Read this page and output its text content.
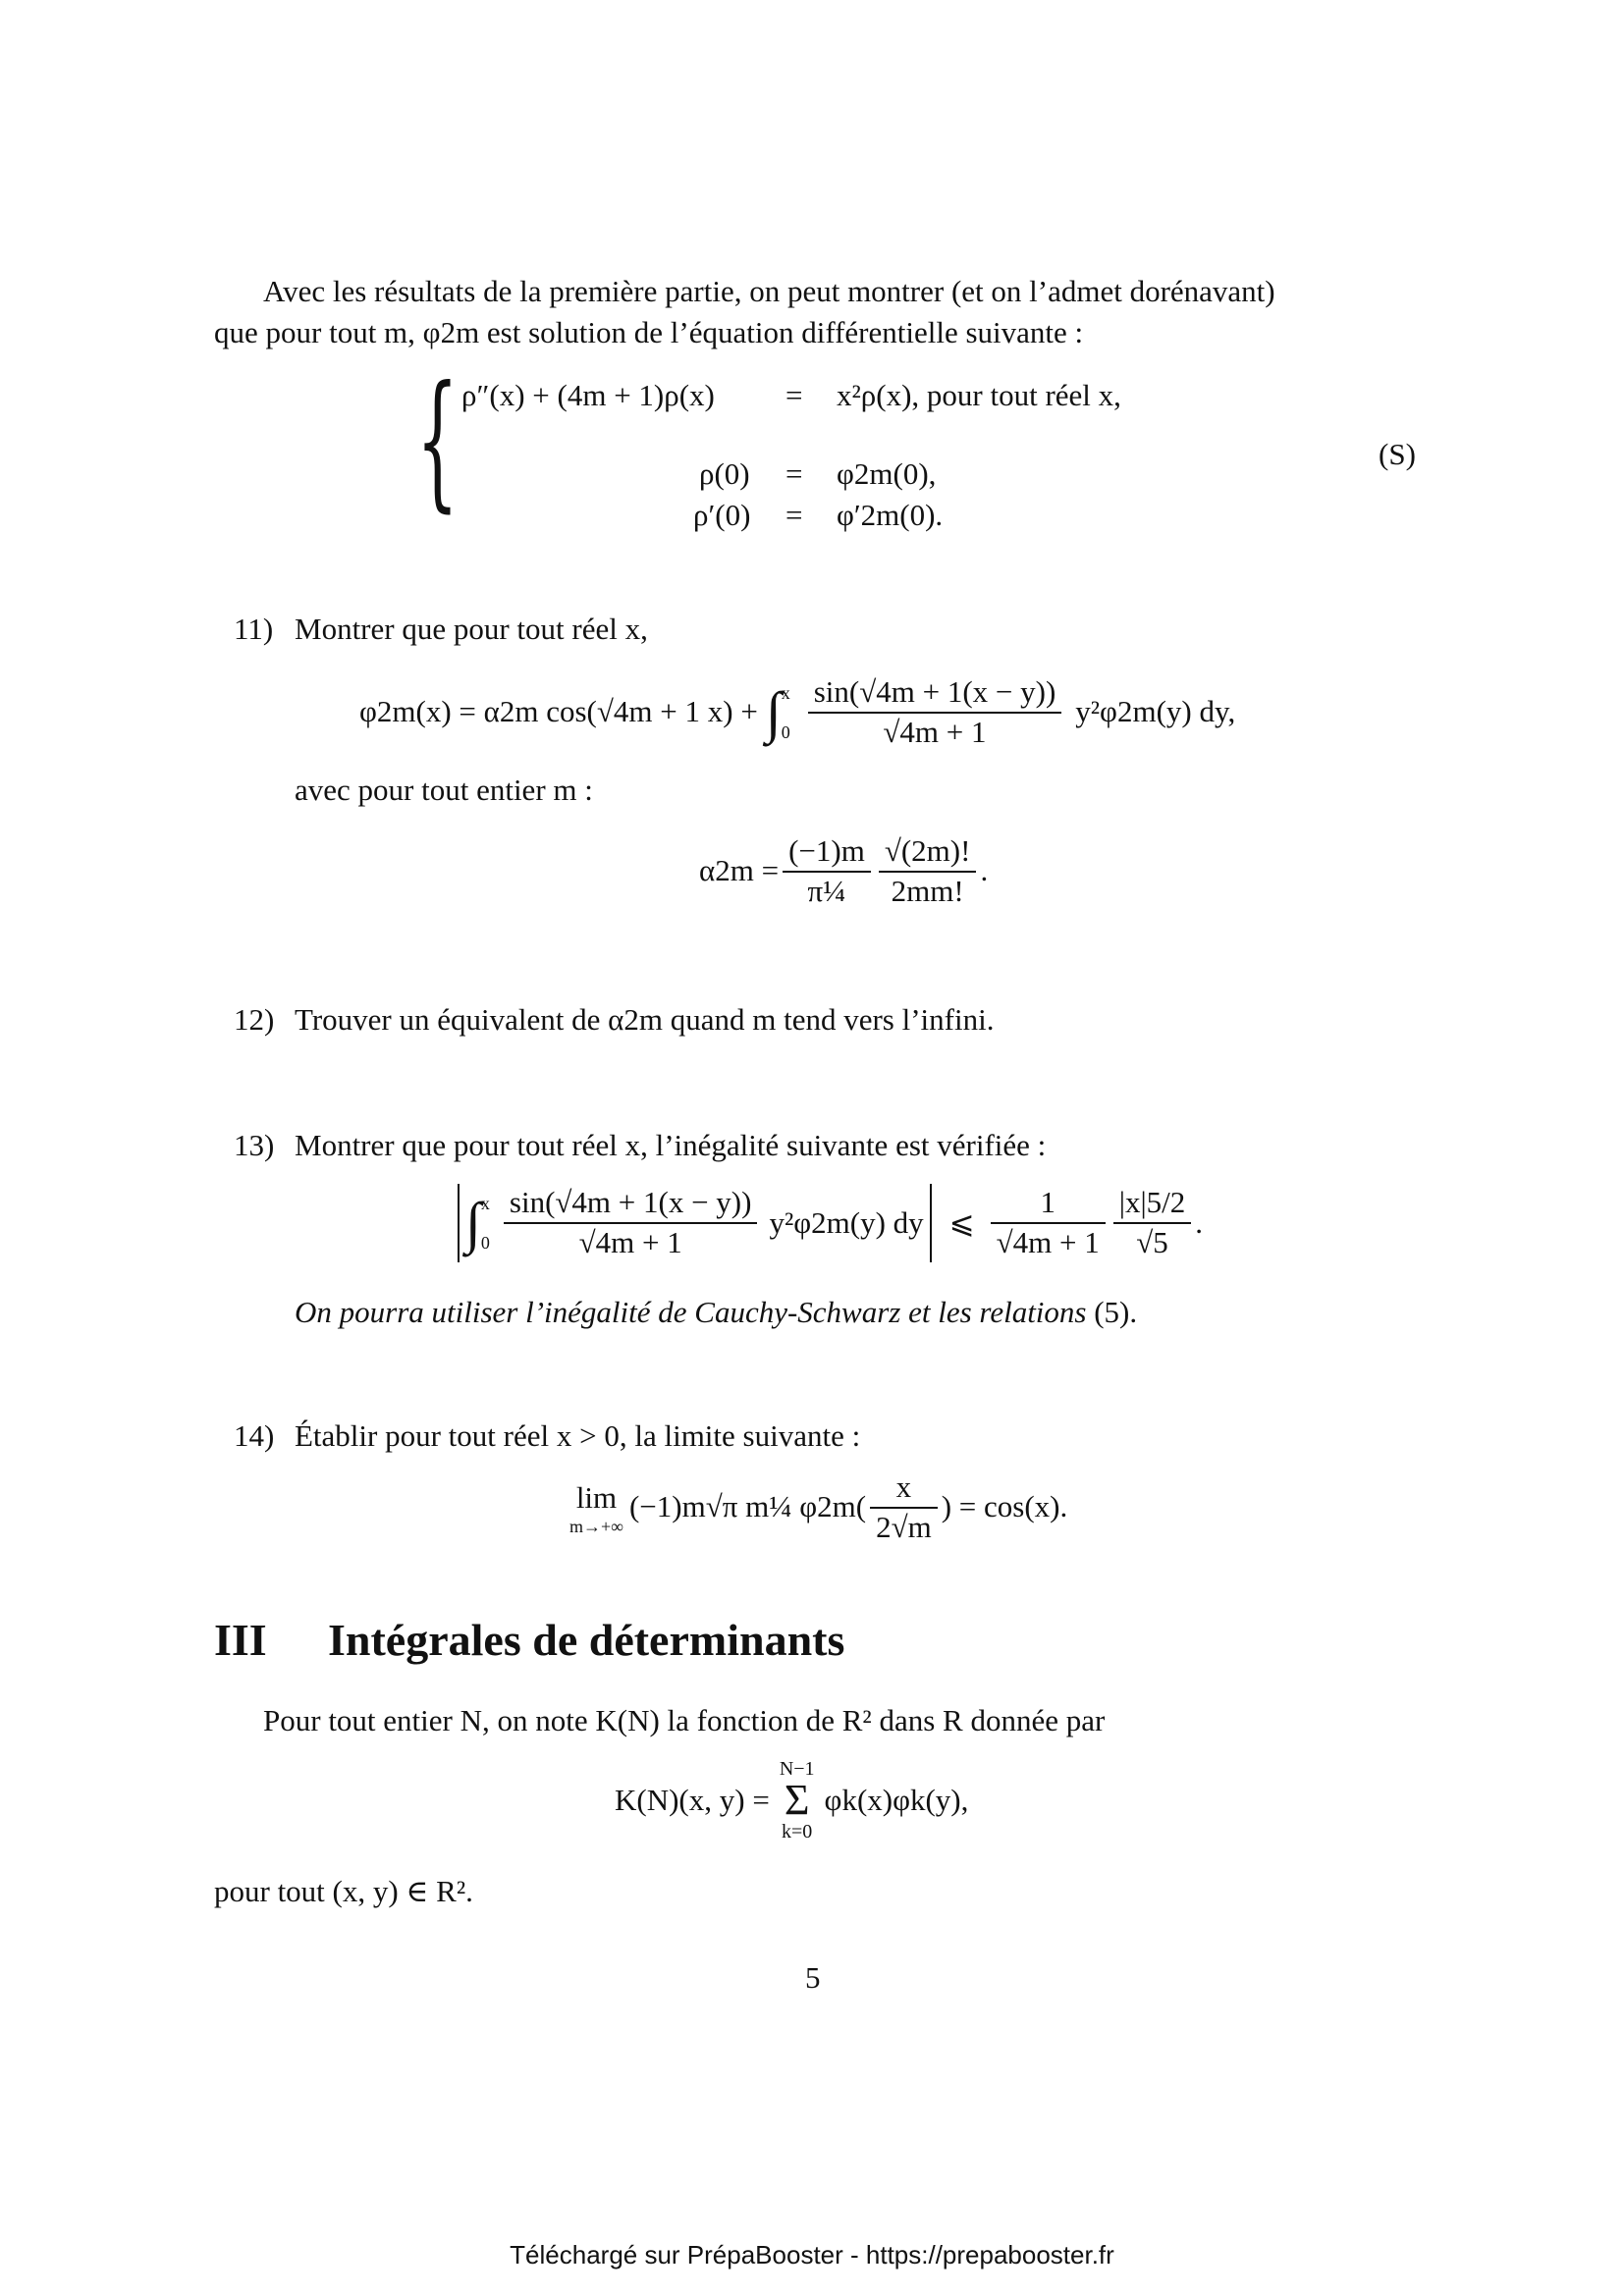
Avec les résultats de la première partie, on peut montrer (et on l’admet dorénavant)
que pour tout m, φ2m est solution de l’équation différentielle suivante :
{ ρ″(x) + (4m + 1)ρ(x) = x²ρ(x), pour tout réel x,
ρ(0) = φ2m(0),
ρ′(0) = φ′2m(0).
(S)
11) Montrer que pour tout réel x,
φ2m(x) = α2m cos(√4m + 1 x) + ∫ x
$0 \frac{\sin(√4m + 1(x - y))}{√4m + 1} y^2\varphi 2m(y)$ dy,
avec pour tout entier m :
$\alpha 2m = \frac{(-1)m}{\text{π¼}} \frac{√(2m)!}{2mm!}$ .
12) Trouver un équivalent de α2m quand m tend vers l’infini.
13) Montrer que pour tout réel x, l’inégalité suivante est vérifiée :
∫ x
$0 \frac{\sin(√4m + 1(x - y))}{√4m + 1} y^2\varphi 2m(y)$ dy ⩽ $\frac{1}{√4m + 1} \frac{|x|5/2}{√5}$ .
On pourra utiliser l’inégalité de Cauchy-Schwarz et les relations (5).
14) Établir pour tout réel x > 0, la limite suivante :
lim
m→+∞
(−1)m√π m¼ $\varphi 2m( \frac{x}{2√m}$ ) = cos(x).
III Intégrales de déterminants
Pour tout entier N, on note K(N) la fonction de R² dans R donnée par
K(N)(x, y) =
N−1
Σ
k=0
φk(x)φk(y),
pour tout (x, y) ∈ R².
5
Téléchargé sur PrépaBooster - https://prepabooster.fr
